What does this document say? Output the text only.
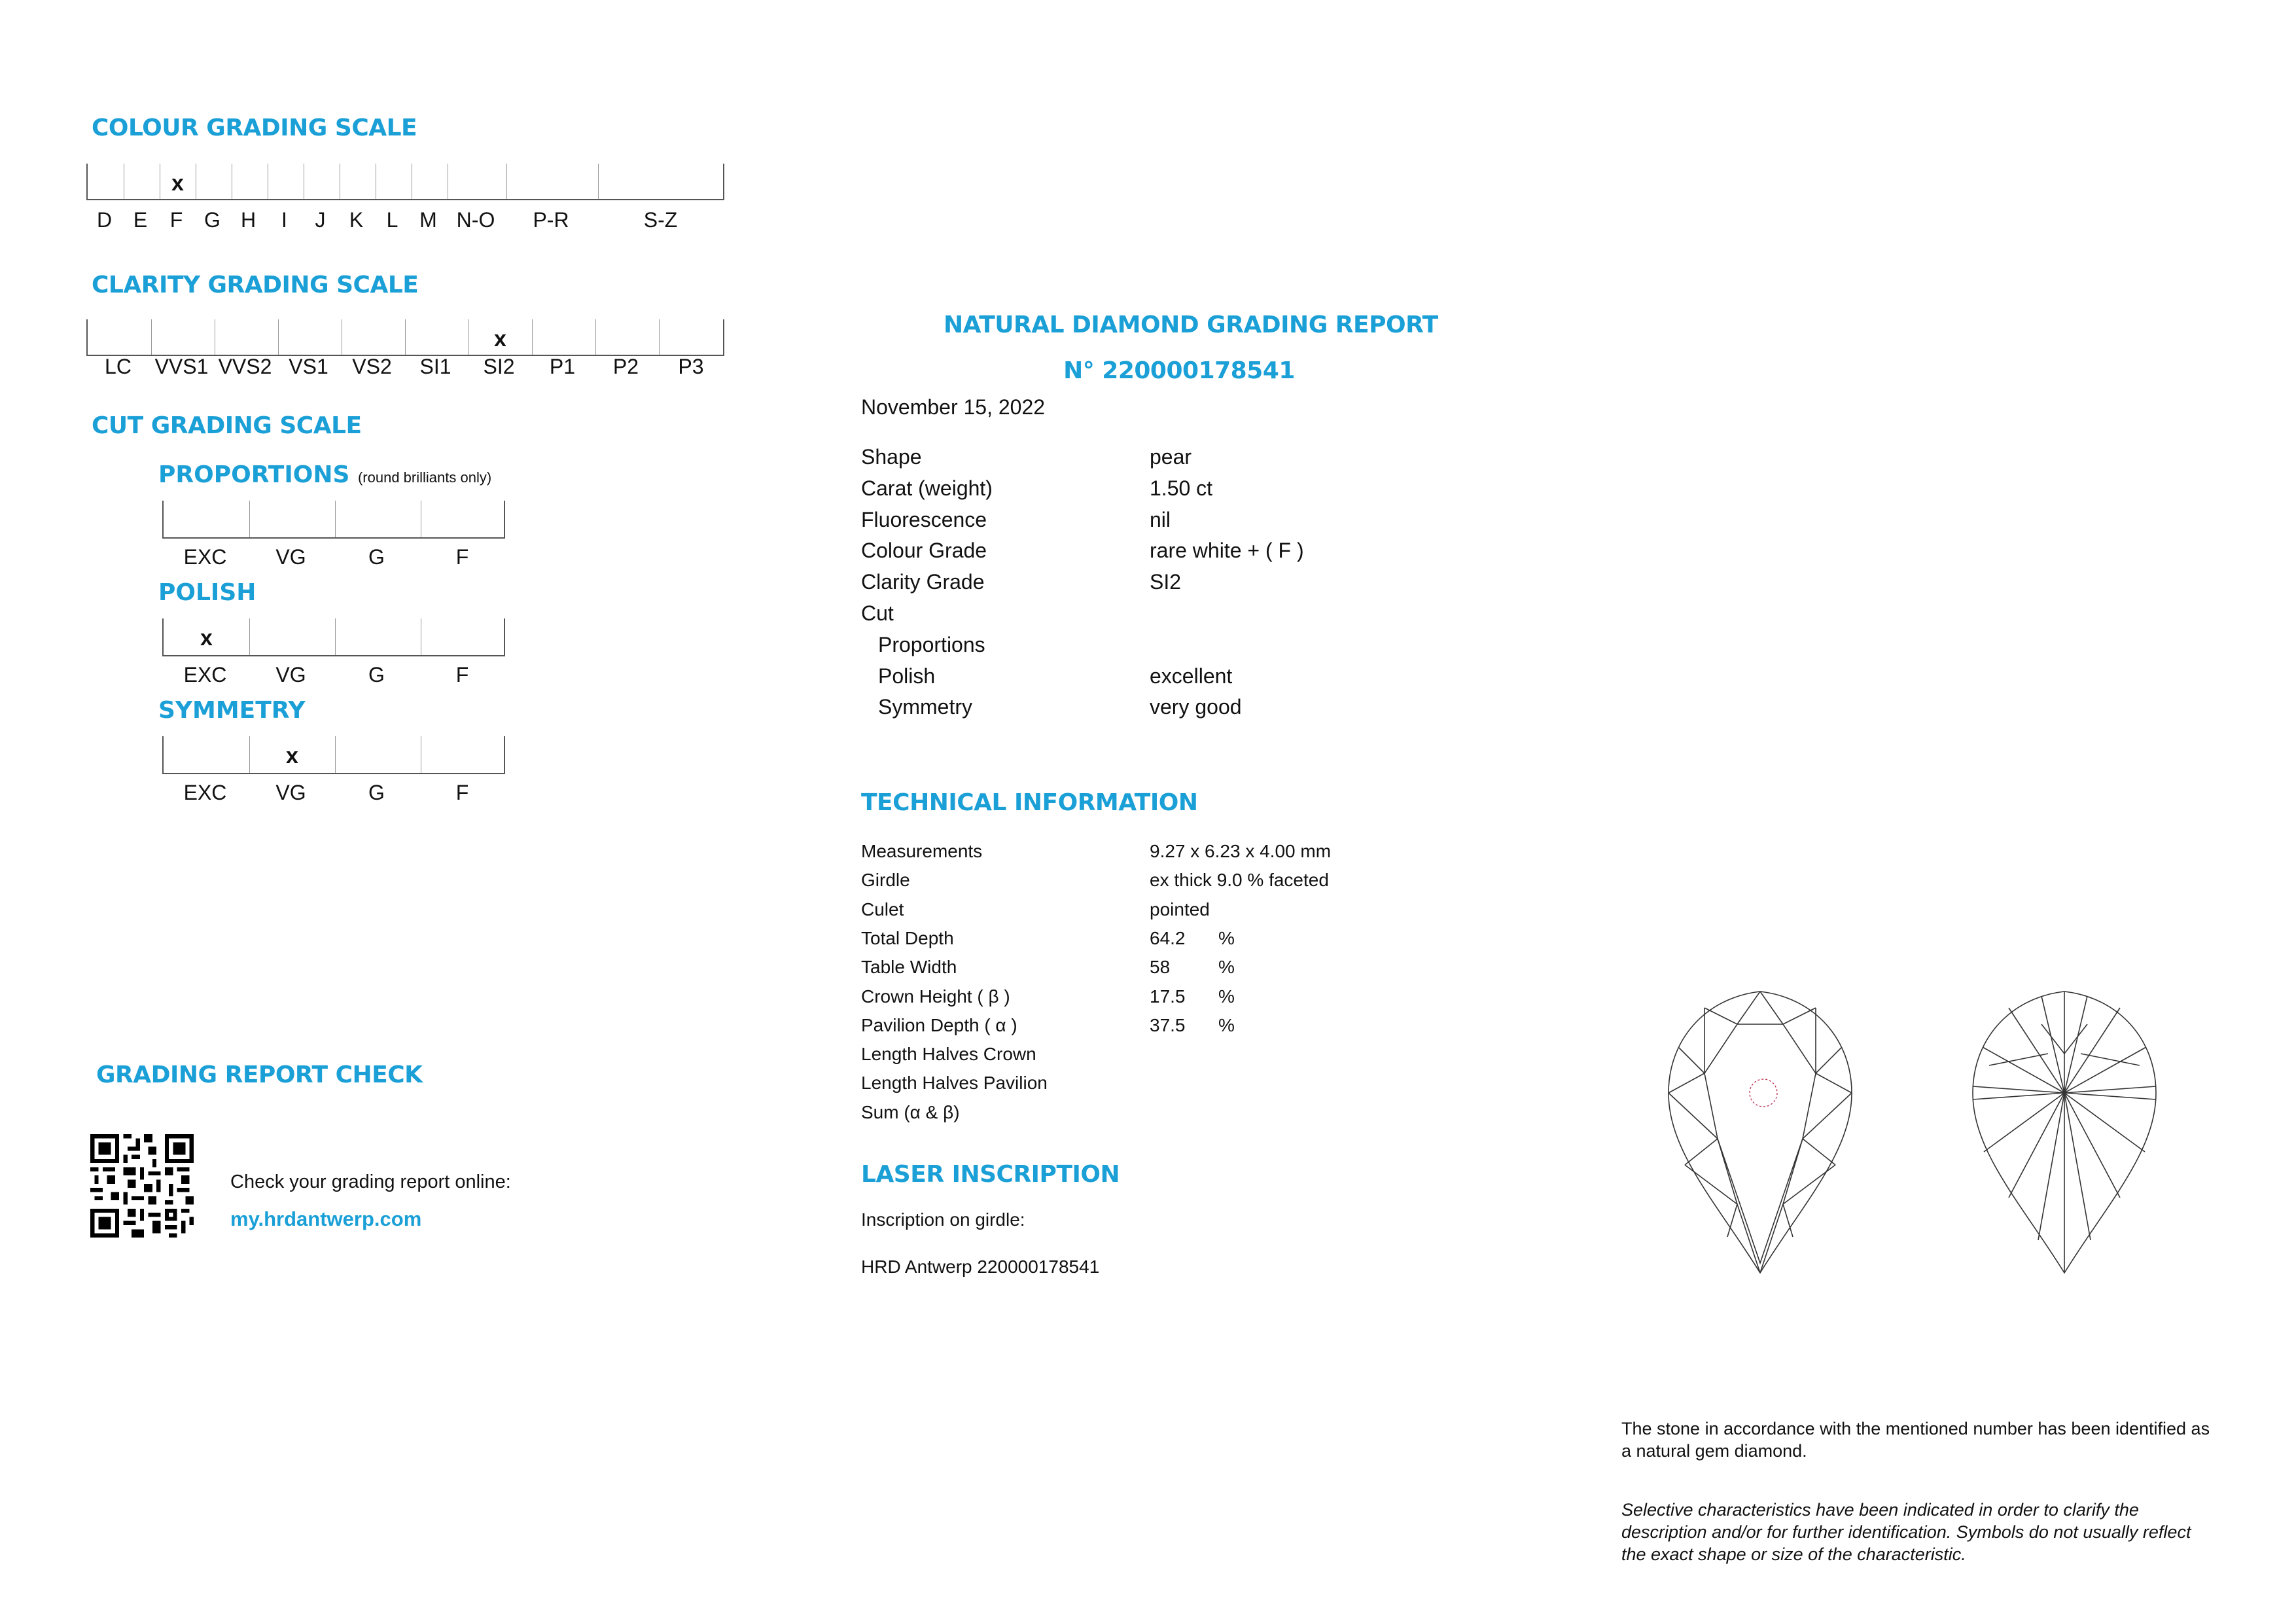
COLOUR GRADING SCALE
x
D E F G H I J K L M N-O P-R	S-Z
CLARITY GRADING SCALE
x
LC VVS1 VVS2 VS1 VS2 SI1 SI2 P1 P2 P3
CUT GRADING SCALE
PROPORTIONS (round brilliants only)
EXC VG	G	F
POLISH
x
EXC VG	G	F
SYMMETRY
x
EXC VG	G	F
GRADING REPORT CHECK
Check your grading report online:
my.hrdantwerp.com
NATURAL DIAMOND GRADING REPORT
N° 220000178541
November 15, 2022
Shape	pear
Carat (weight)	1.50 ct
Fluorescence	nil
Colour Grade	rare white + ( F )
Clarity Grade	SI2
Cut
Proportions
Polish	excellent
Symmetry	very good
TECHNICAL INFORMATION
Measurements	9.27 x 6.23 x 4.00 mm
Girdle	ex thick 9.0 % faceted
Culet	pointed
Total Depth	64.2 %
Table Width	58	%
Crown Height ( β )	17.5 %
Pavilion Depth ( α )	37.5 %
Length Halves Crown
Length Halves Pavilion
Sum (α & β)
LASER INSCRIPTION
Inscription on girdle:
HRD Antwerp 220000178541
The stone in accordance with the mentioned number has been identified as a natural gem diamond.
Selective characteristics have been indicated in order to clarify the description and/or for further identification. Symbols do not usually reflect the exact shape or size of the characteristic.
